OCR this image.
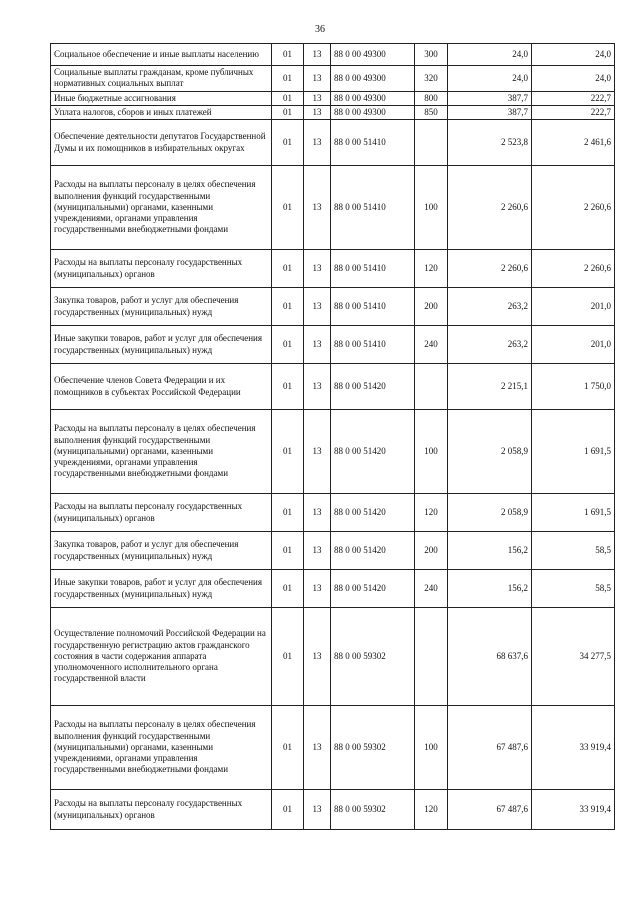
36
Социальное обеспечение и иные выплаты населению	01	13	88 0 00 49300	300	24,0	24,0
Социальные выплаты гражданам, кроме публичных нормативных социальных выплат	01	13	88 0 00 49300	320	24,0	24,0
Иные бюджетные ассигнования	01	13	88 0 00 49300	800	387,7	222,7
Уплата налогов, сборов и иных платежей	01	13	88 0 00 49300	850	387,7	222,7
Обеспечение деятельности депутатов Государственной Думы и их помощников в избирательных округах	01	13	88 0 00 51410		2 523,8	2 461,6
Расходы на выплаты персоналу в целях обеспечения выполнения функций государственными (муниципальными) органами, казенными учреждениями, органами управления государственными внебюджетными фондами	01	13	88 0 00 51410	100	2 260,6	2 260,6
Расходы на выплаты персоналу государственных (муниципальных) органов	01	13	88 0 00 51410	120	2 260,6	2 260,6
Закупка товаров, работ и услуг для обеспечения государственных (муниципальных) нужд	01	13	88 0 00 51410	200	263,2	201,0
Иные закупки товаров, работ и услуг для обеспечения государственных (муниципальных) нужд	01	13	88 0 00 51410	240	263,2	201,0
Обеспечение членов Совета Федерации и их помощников в субъектах Российской Федерации	01	13	88 0 00 51420		2 215,1	1 750,0
Расходы на выплаты персоналу в целях обеспечения выполнения функций государственными (муниципальными) органами, казенными учреждениями, органами управления государственными внебюджетными фондами	01	13	88 0 00 51420	100	2 058,9	1 691,5
Расходы на выплаты персоналу государственных (муниципальных) органов	01	13	88 0 00 51420	120	2 058,9	1 691,5
Закупка товаров, работ и услуг для обеспечения государственных (муниципальных) нужд	01	13	88 0 00 51420	200	156,2	58,5
Иные закупки товаров, работ и услуг для обеспечения государственных (муниципальных) нужд	01	13	88 0 00 51420	240	156,2	58,5
Осуществление полномочий Российской Федерации на государственную регистрацию актов гражданского состояния в части содержания аппарата уполномоченного исполнительного органа государственной власти	01	13	88 0 00 59302		68 637,6	34 277,5
Расходы на выплаты персоналу в целях обеспечения выполнения функций государственными (муниципальными) органами, казенными учреждениями, органами управления государственными внебюджетными фондами	01	13	88 0 00 59302	100	67 487,6	33 919,4
Расходы на выплаты персоналу государственных (муниципальных) органов	01	13	88 0 00 59302	120	67 487,6	33 919,4
